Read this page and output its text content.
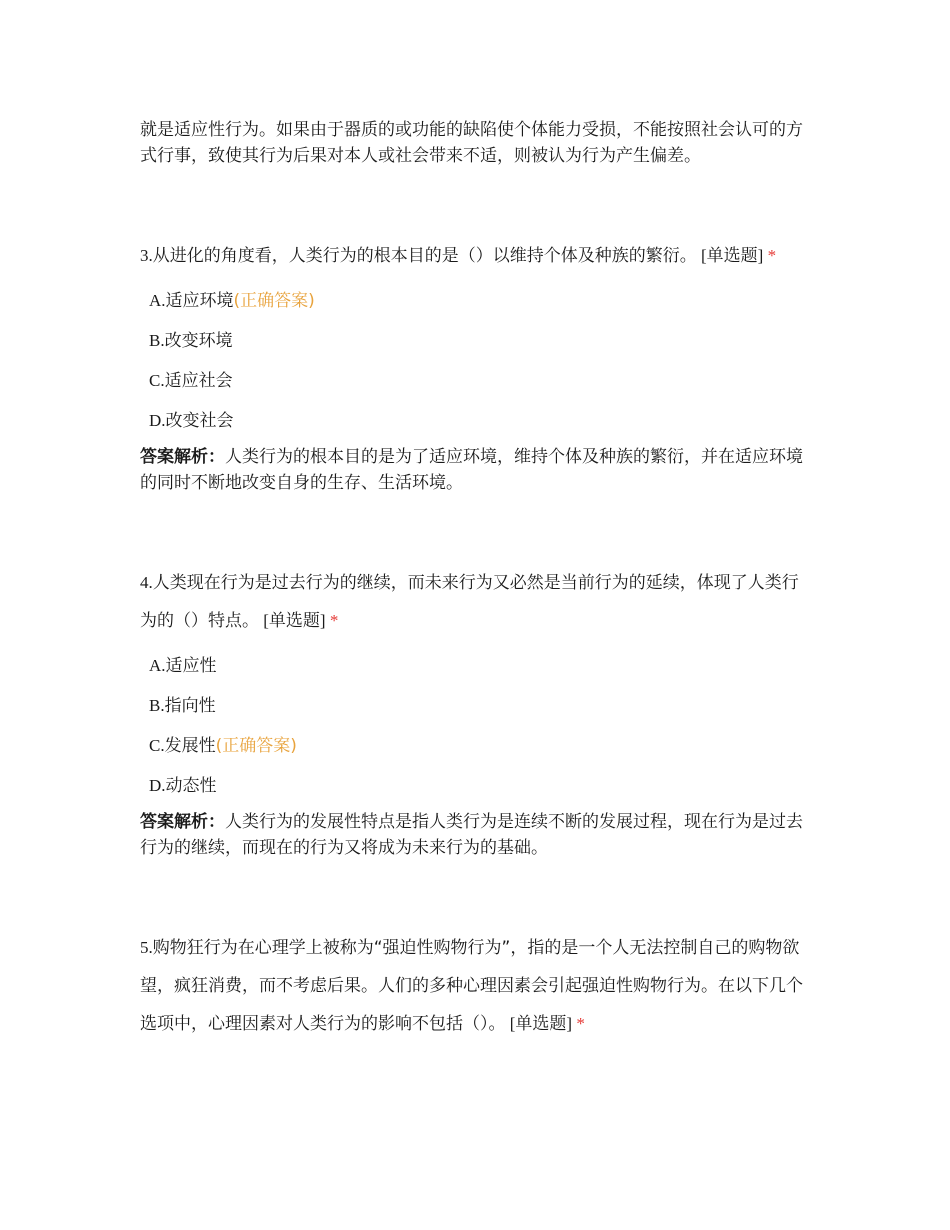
就是适应性行为。如果由于器质的或功能的缺陷使个体能力受损，不能按照社会认可的方式行事，致使其行为后果对本人或社会带来不适，则被认为行为产生偏差。

3.从进化的角度看，人类行为的根本目的是（）以维持个体及种族的繁衍。 [单选题] *

A.适应环境(正确答案)
B.改变环境
C.适应社会
D.改变社会

答案解析：人类行为的根本目的是为了适应环境，维持个体及种族的繁衍，并在适应环境的同时不断地改变自身的生存、生活环境。

4.人类现在行为是过去行为的继续，而未来行为又必然是当前行为的延续，体现了人类行为的（）特点。 [单选题] *

A.适应性
B.指向性
C.发展性(正确答案)
D.动态性

答案解析：人类行为的发展性特点是指人类行为是连续不断的发展过程，现在行为是过去行为的继续，而现在的行为又将成为未来行为的基础。

5.购物狂行为在心理学上被称为“强迫性购物行为”，指的是一个人无法控制自己的购物欲望，疯狂消费，而不考虑后果。人们的多种心理因素会引起强迫性购物行为。在以下几个选项中，心理因素对人类行为的影响不包括（）。 [单选题] *
